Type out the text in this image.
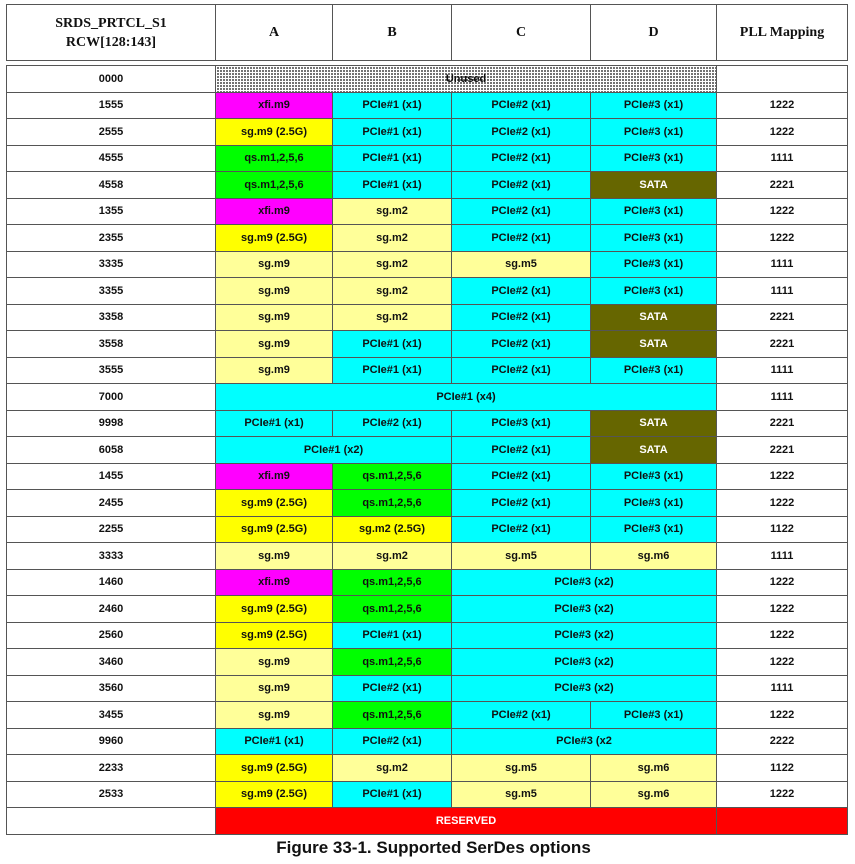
SRDS_PRTCL_S1
RCW[128:143]	A	B	C	D	PLL Mapping

0000	Unused				
1555	xfi.m9	PCIe#1 (x1)	PCIe#2 (x1)	PCIe#3 (x1)	1222
2555	sg.m9 (2.5G)	PCIe#1 (x1)	PCIe#2 (x1)	PCIe#3 (x1)	1222
4555	qs.m1,2,5,6	PCIe#1 (x1)	PCIe#2 (x1)	PCIe#3 (x1)	1111
4558	qs.m1,2,5,6	PCIe#1 (x1)	PCIe#2 (x1)	SATA	2221
1355	xfi.m9	sg.m2	PCIe#2 (x1)	PCIe#3 (x1)	1222
2355	sg.m9 (2.5G)	sg.m2	PCIe#2 (x1)	PCIe#3 (x1)	1222
3335	sg.m9	sg.m2	sg.m5	PCIe#3 (x1)	1111
3355	sg.m9	sg.m2	PCIe#2 (x1)	PCIe#3 (x1)	1111
3358	sg.m9	sg.m2	PCIe#2 (x1)	SATA	2221
3558	sg.m9	PCIe#1 (x1)	PCIe#2 (x1)	SATA	2221
3555	sg.m9	PCIe#1 (x1)	PCIe#2 (x1)	PCIe#3 (x1)	1111
7000	PCIe#1 (x4)				1111
9998	PCIe#1 (x1)	PCIe#2 (x1)	PCIe#3 (x1)	SATA	2221
6058	PCIe#1 (x2)		PCIe#2 (x1)	SATA	2221
1455	xfi.m9	qs.m1,2,5,6	PCIe#2 (x1)	PCIe#3 (x1)	1222
2455	sg.m9 (2.5G)	qs.m1,2,5,6	PCIe#2 (x1)	PCIe#3 (x1)	1222
2255	sg.m9 (2.5G)	sg.m2 (2.5G)	PCIe#2 (x1)	PCIe#3 (x1)	1122
3333	sg.m9	sg.m2	sg.m5	sg.m6	1111
1460	xfi.m9	qs.m1,2,5,6	PCIe#3 (x2)		1222
2460	sg.m9 (2.5G)	qs.m1,2,5,6	PCIe#3 (x2)		1222
2560	sg.m9 (2.5G)	PCIe#1 (x1)	PCIe#3 (x2)		1222
3460	sg.m9	qs.m1,2,5,6	PCIe#3 (x2)		1222
3560	sg.m9	PCIe#2 (x1)	PCIe#3 (x2)		1111
3455	sg.m9	qs.m1,2,5,6	PCIe#2 (x1)	PCIe#3 (x1)	1222
9960	PCIe#1 (x1)	PCIe#2 (x1)	PCIe#3 (x2		2222
2233	sg.m9 (2.5G)	sg.m2	sg.m5	sg.m6	1122
2533	sg.m9 (2.5G)	PCIe#1 (x1)	sg.m5	sg.m6	1222
	RESERVED				
Figure 33-1. Supported SerDes options
